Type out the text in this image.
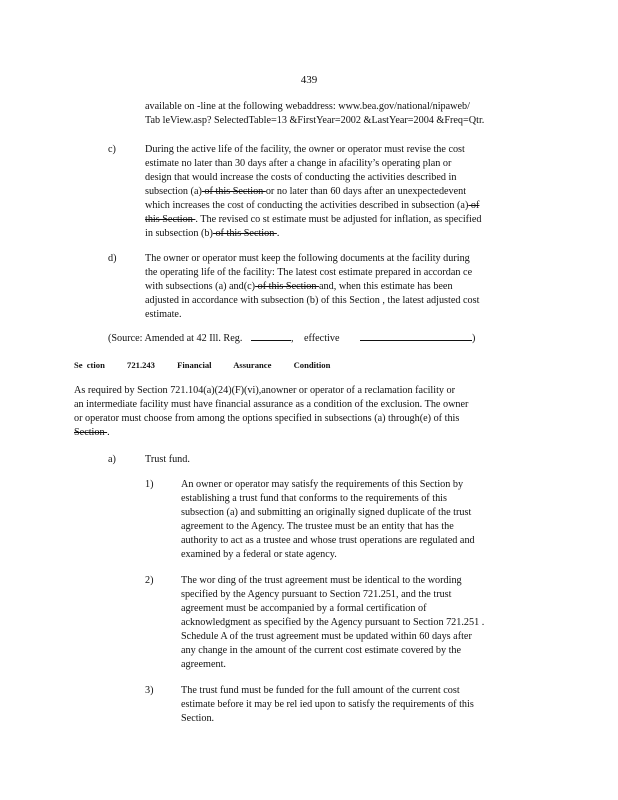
439
available on -line at the following webaddress: www.bea.gov/national/nipaweb/
Tab leView.asp? SelectedTable=13 &FirstYear=2002 &LastYear=2004 &Freq=Qtr.
c)	During the active life of the facility, the owner or operator must revise the cost
estimate no later than 30 days after a change in afacility’s operating plan or
design that would increase the costs of conducting the activities described in
subsection (a) of this Section or no later than 60 days after an unexpectedevent
which increases the cost of conducting the activities described in subsection (a) of
this Section . The revised co st estimate must be adjusted for inflation, as specified
in subsection (b) of this Section .
d)	The owner or operator must keep the following documents at the facility during
the operating life of the facility: The latest cost estimate prepared in accordan ce
with subsections (a) and(c) of this Section and, when this estimate has been
adjusted in accordance with subsection (b) of this Section , the latest adjusted cost
estimate.
(Source: Amended at 42 Ill. Reg.	, effective	)
Se ction	721.243	Financial	Assurance	Condition
As required by Section 721.104(a)(24)(F)(vi),anowner or operator of a reclamation facility or
an intermediate facility must have financial assurance as a condition of the exclusion. The owner
or operator must choose from among the options specified in subsections (a) through(e) of this
Section .
a)	Trust fund.
1)	An owner or operator may satisfy the requirements of this Section by
establishing a trust fund that conforms to the requirements of this
subsection (a) and submitting an originally signed duplicate of the trust
agreement to the Agency. The trustee must be an entity that has the
authority to act as a trustee and whose trust operations are regulated and
examined by a federal or state agency.
2)	The wor ding of the trust agreement must be identical to the wording
specified by the Agency pursuant to Section 721.251, and the trust
agreement must be accompanied by a formal certification of
acknowledgment as specified by the Agency pursuant to Section 721.251 .
Schedule A of the trust agreement must be updated within 60 days after
any change in the amount of the current cost estimate covered by the
agreement.
3)	The trust fund must be funded for the full amount of the current cost
estimate before it may be rel ied upon to satisfy the requirements of this
Section.
